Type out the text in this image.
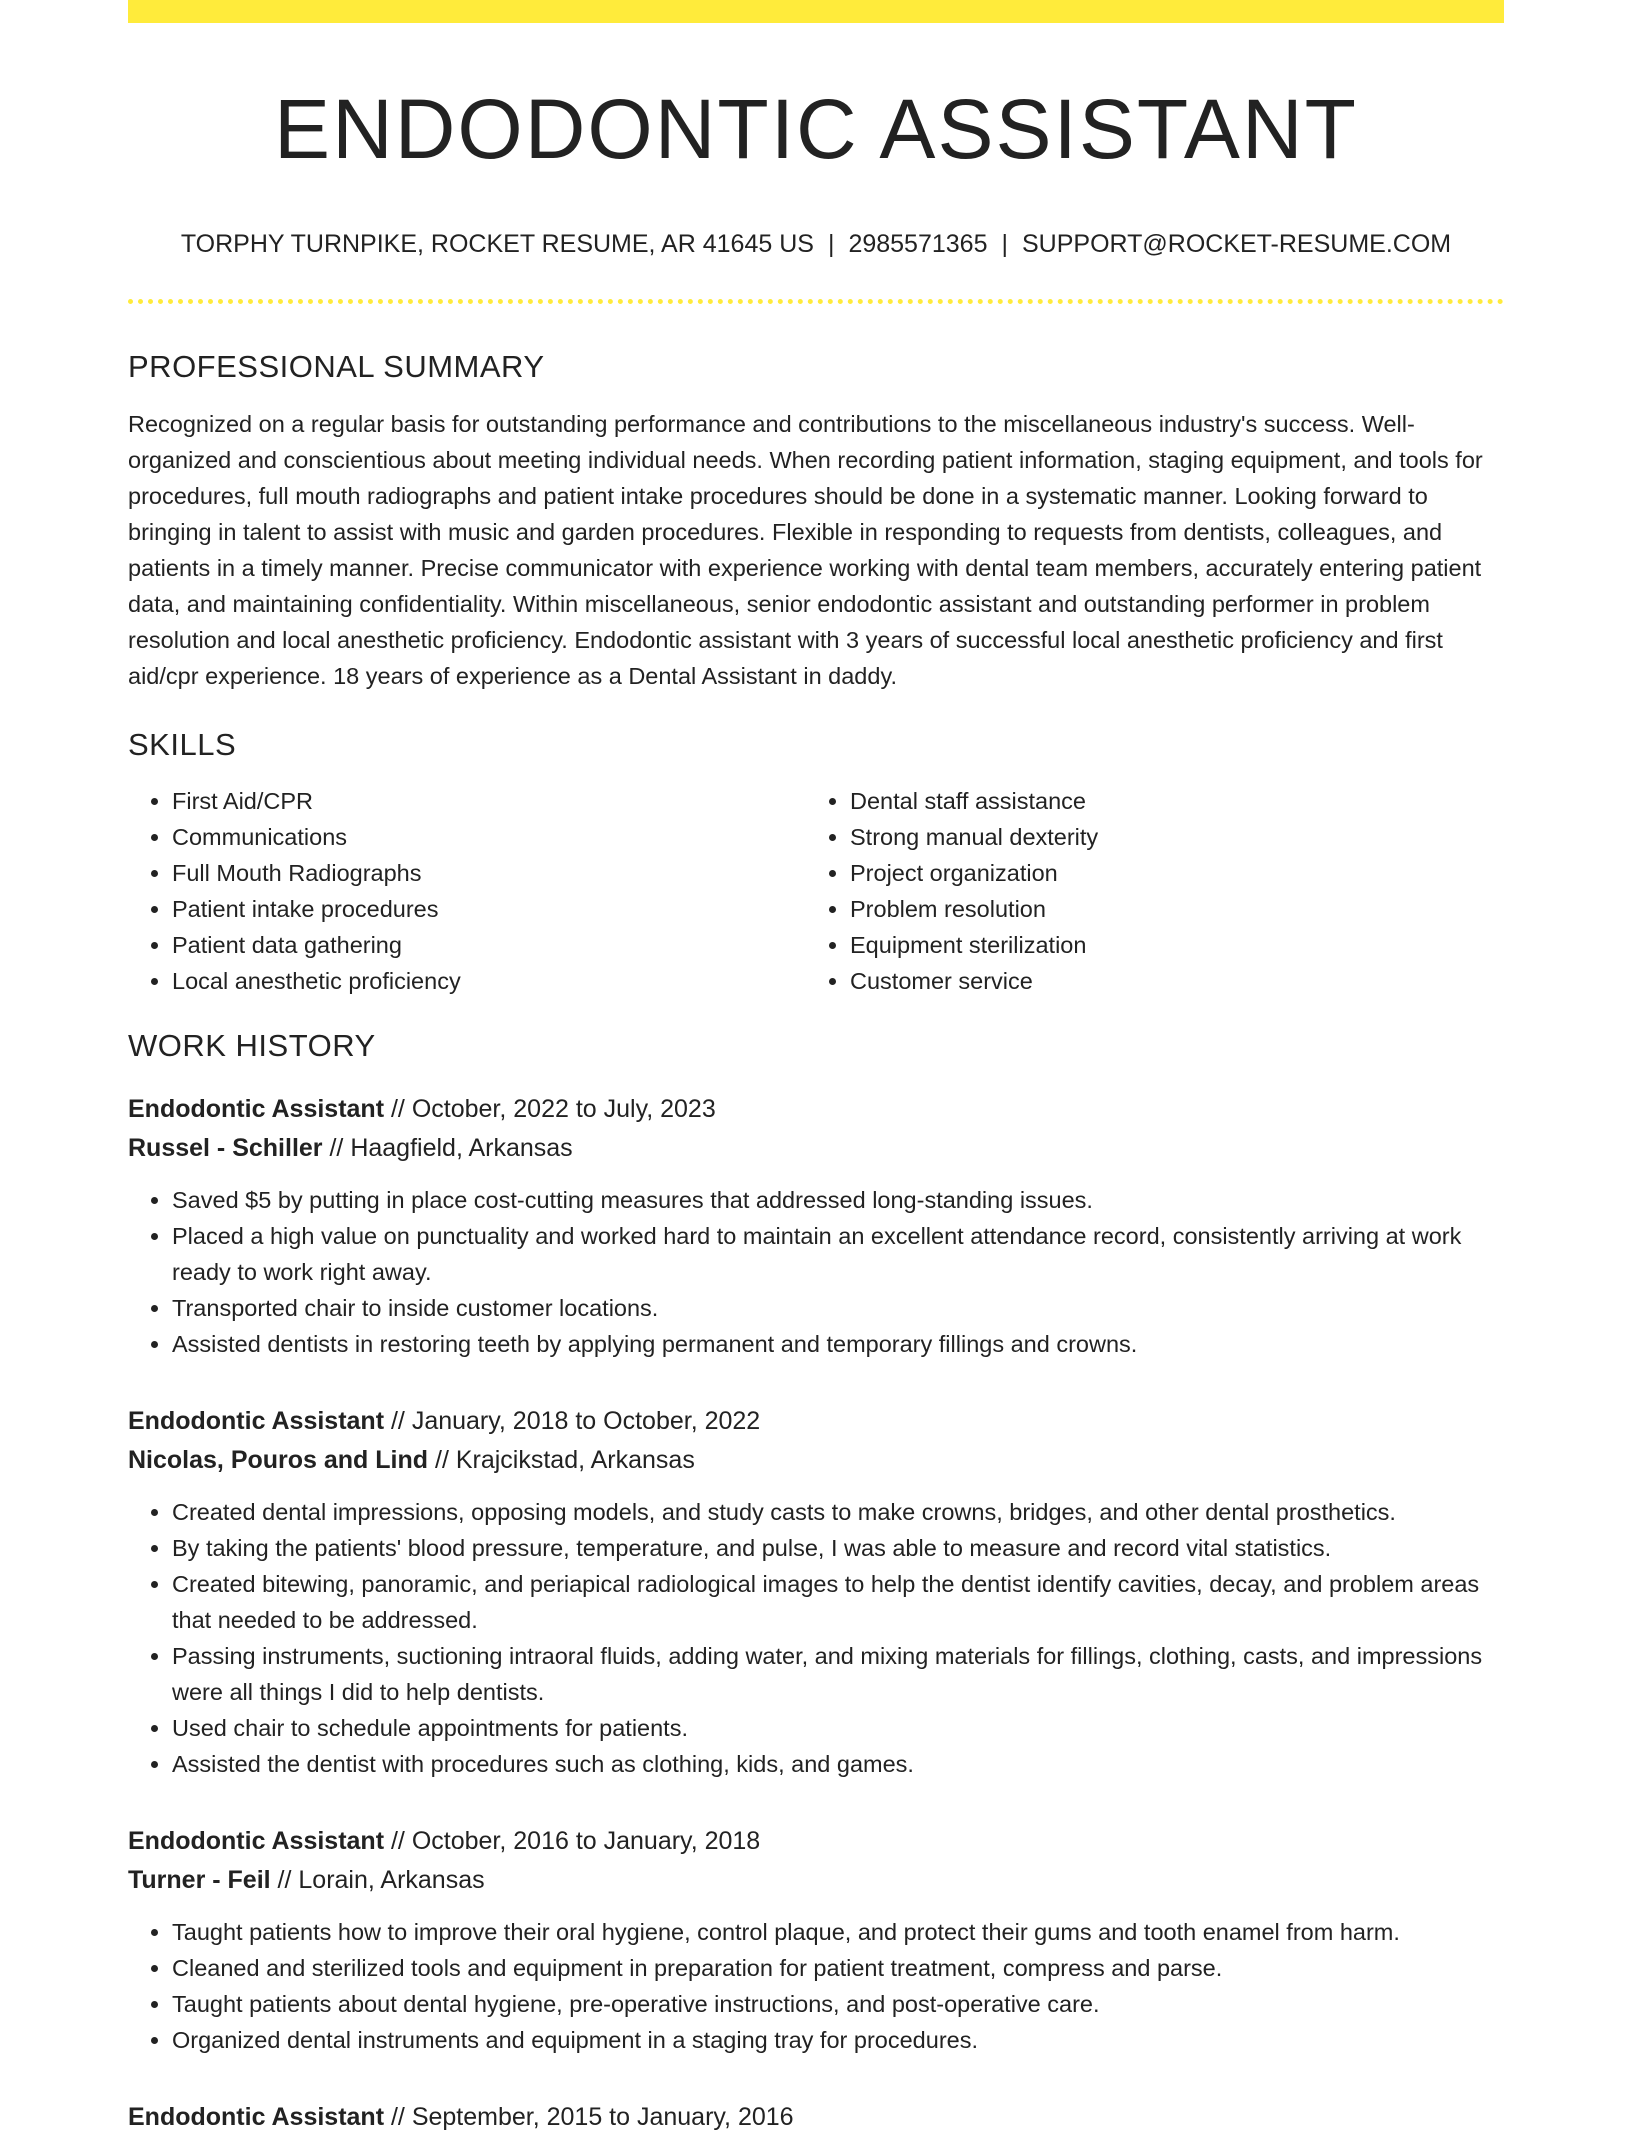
ENDODONTIC ASSISTANT
TORPHY TURNPIKE, ROCKET RESUME, AR 41645 US | 2985571365 | SUPPORT@ROCKET-RESUME.COM
PROFESSIONAL SUMMARY

Recognized on a regular basis for outstanding performance and contributions to the miscellaneous industry's success. Well-organized and conscientious about meeting individual needs. When recording patient information, staging equipment, and tools for procedures, full mouth radiographs and patient intake procedures should be done in a systematic manner. Looking forward to bringing in talent to assist with music and garden procedures. Flexible in responding to requests from dentists, colleagues, and patients in a timely manner. Precise communicator with experience working with dental team members, accurately entering patient data, and maintaining confidentiality. Within miscellaneous, senior endodontic assistant and outstanding performer in problem resolution and local anesthetic proficiency. Endodontic assistant with 3 years of successful local anesthetic proficiency and first aid/cpr experience. 18 years of experience as a Dental Assistant in daddy.

SKILLS
• First Aid/CPR
• Communications
• Full Mouth Radiographs
• Patient intake procedures
• Patient data gathering
• Local anesthetic proficiency
• Dental staff assistance
• Strong manual dexterity
• Project organization
• Problem resolution
• Equipment sterilization
• Customer service
WORK HISTORY
Endodontic Assistant // October, 2022 to July, 2023
Russel - Schiller // Haagfield, Arkansas
• Saved $5 by putting in place cost-cutting measures that addressed long-standing issues.
• Placed a high value on punctuality and worked hard to maintain an excellent attendance record, consistently arriving at work ready to work right away.
• Transported chair to inside customer locations.
• Assisted dentists in restoring teeth by applying permanent and temporary fillings and crowns.
Endodontic Assistant // January, 2018 to October, 2022
Nicolas, Pouros and Lind // Krajcikstad, Arkansas
• Created dental impressions, opposing models, and study casts to make crowns, bridges, and other dental prosthetics.
• By taking the patients' blood pressure, temperature, and pulse, I was able to measure and record vital statistics.
• Created bitewing, panoramic, and periapical radiological images to help the dentist identify cavities, decay, and problem areas that needed to be addressed.
• Passing instruments, suctioning intraoral fluids, adding water, and mixing materials for fillings, clothing, casts, and impressions were all things I did to help dentists.
• Used chair to schedule appointments for patients.
• Assisted the dentist with procedures such as clothing, kids, and games.
Endodontic Assistant // October, 2016 to January, 2018
Turner - Feil // Lorain, Arkansas
• Taught patients how to improve their oral hygiene, control plaque, and protect their gums and tooth enamel from harm.
• Cleaned and sterilized tools and equipment in preparation for patient treatment, compress and parse.
• Taught patients about dental hygiene, pre-operative instructions, and post-operative care.
• Organized dental instruments and equipment in a staging tray for procedures.
Endodontic Assistant // September, 2015 to January, 2016
